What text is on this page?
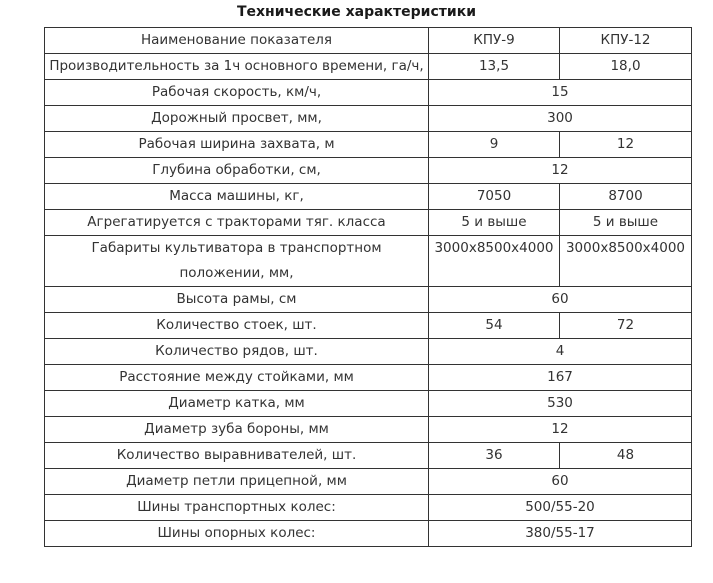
Технические характеристики
Наименование показателя	КПУ-9	КПУ-12
Производительность за 1ч основного времени, га/ч,	13,5	18,0
Рабочая скорость, км/ч,	15	
Дорожный просвет, мм,	300	
Рабочая ширина захвата, м	9	12
Глубина обработки, см,	12	
Масса машины, кг,	7050	8700
Агрегатируется с тракторами тяг. класса	5 и выше	5 и выше
Габариты культиватора в транспортном положении, мм,	3000x8500x4000	3000x8500x4000
Высота рамы, см	60	
Количество стоек, шт.	54	72
Количество рядов, шт.	4	
Расстояние между стойками, мм	167	
Диаметр катка, мм	530	
Диаметр зуба бороны, мм	12	
Количество выравнивателей, шт.	36	48
Диаметр петли прицепной, мм	60	
Шины транспортных колес:	500/55-20	
Шины опорных колес:	380/55-17	
